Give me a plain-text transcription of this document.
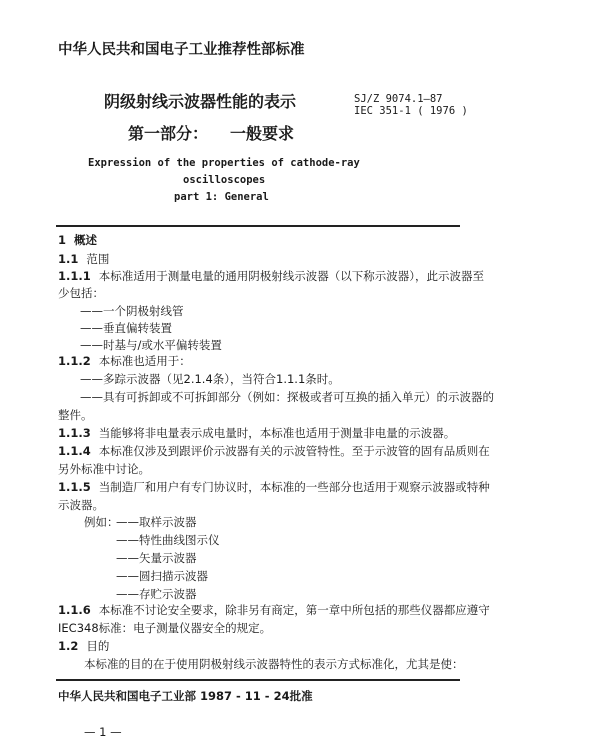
中华人民共和国电子工业推荐性部标准
阴级射线示波器性能的表示	SJ/Z 9074.1—87
IEC 351-1 ( 1976 )
第一部分： 一般要求
Expression of the properties of cathode-ray
oscilloscopes
part 1: General
1 概述
1.1 范围
1.1.1 本标准适用于测量电量的通用阴极射线示波器（以下称示波器），此示波器至
少包括：
——一个阴极射线管
——垂直偏转装置
——时基与/或水平偏转装置
1.1.2 本标准也适用于：
——多踪示波器（见2.1.4条），当符合1.1.1条时。
——具有可拆卸或不可拆卸部分（例如：探极或者可互换的插入单元）的示波器的
整件。
1.1.3 当能够将非电量表示成电量时，本标准也适用于测量非电量的示波器。
1.1.4 本标准仅涉及到跟评价示波器有关的示波管特性。至于示波管的固有品质则在
另外标准中讨论。
1.1.5 当制造厂和用户有专门协议时，本标准的一些部分也适用于观察示波器或特种
示波器。
例如：
——取样示波器
——特性曲线图示仪
——矢量示波器
——圆扫描示波器
——存贮示波器
1.1.6 本标准不讨论安全要求，除非另有商定，第一章中所包括的那些仪器都应遵守
IEC348标准：电子测量仪器安全的规定。
1.2 目的
本标准的目的在于使用阴极射线示波器特性的表示方式标准化，尤其是使：
中华人民共和国电子工业部 1987 - 11 - 24批准
— 1 —
